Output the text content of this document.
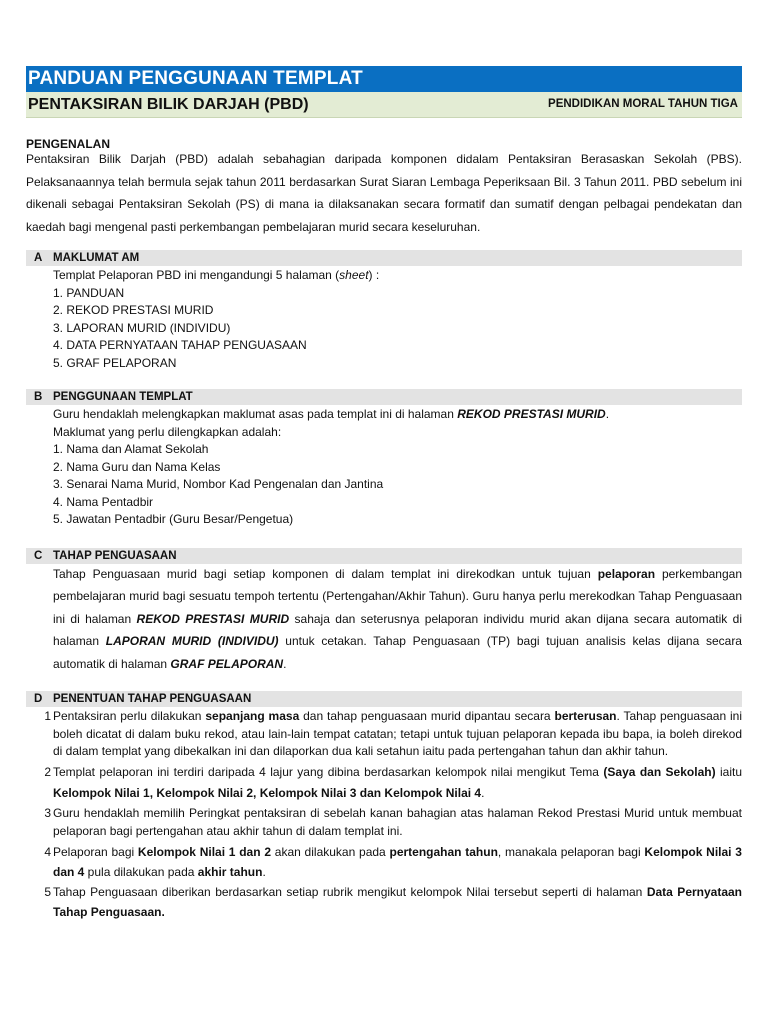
PANDUAN PENGGUNAAN TEMPLAT
PENTAKSIRAN BILIK DARJAH (PBD)	PENDIDIKAN MORAL TAHUN TIGA
PENGENALAN
Pentaksiran Bilik Darjah (PBD) adalah sebahagian daripada komponen didalam Pentaksiran Berasaskan Sekolah (PBS). Pelaksanaannya telah bermula sejak tahun 2011 berdasarkan Surat Siaran Lembaga Peperiksaan Bil. 3 Tahun 2011. PBD sebelum ini dikenali sebagai Pentaksiran Sekolah (PS) di mana ia dilaksanakan secara formatif dan sumatif dengan pelbagai pendekatan dan kaedah bagi mengenal pasti perkembangan pembelajaran murid secara keseluruhan.
A MAKLUMAT AM
Templat Pelaporan PBD ini mengandungi 5 halaman (sheet) :
1. PANDUAN
2. REKOD PRESTASI MURID
3. LAPORAN MURID (INDIVIDU)
4. DATA PERNYATAAN TAHAP PENGUASAAN
5. GRAF PELAPORAN
B PENGGUNAAN TEMPLAT
Guru hendaklah melengkapkan maklumat asas pada templat ini di halaman REKOD PRESTASI MURID.
Maklumat yang perlu dilengkapkan adalah:
1. Nama dan Alamat Sekolah
2. Nama Guru dan Nama Kelas
3. Senarai Nama Murid, Nombor Kad Pengenalan dan Jantina
4. Nama Pentadbir
5. Jawatan Pentadbir (Guru Besar/Pengetua)
C TAHAP PENGUASAAN
Tahap Penguasaan murid bagi setiap komponen di dalam templat ini direkodkan untuk tujuan pelaporan perkembangan pembelajaran murid bagi sesuatu tempoh tertentu (Pertengahan/Akhir Tahun). Guru hanya perlu merekodkan Tahap Penguasaan ini di halaman REKOD PRESTASI MURID sahaja dan seterusnya pelaporan individu murid akan dijana secara automatik di halaman LAPORAN MURID (INDIVIDU) untuk cetakan. Tahap Penguasaan (TP) bagi tujuan analisis kelas dijana secara automatik di halaman GRAF PELAPORAN.
D PENENTUAN TAHAP PENGUASAAN
1 Pentaksiran perlu dilakukan sepanjang masa dan tahap penguasaan murid dipantau secara berterusan. Tahap penguasaan ini boleh dicatat di dalam buku rekod, atau lain-lain tempat catatan; tetapi untuk tujuan pelaporan kepada ibu bapa, ia boleh direkod di dalam templat yang dibekalkan ini dan dilaporkan dua kali setahun iaitu pada pertengahan tahun dan akhir tahun.
2 Templat pelaporan ini terdiri daripada 4 lajur yang dibina berdasarkan kelompok nilai mengikut Tema (Saya dan Sekolah) iaitu Kelompok Nilai 1, Kelompok Nilai 2, Kelompok Nilai 3 dan Kelompok Nilai 4.
3 Guru hendaklah memilih Peringkat pentaksiran di sebelah kanan bahagian atas halaman Rekod Prestasi Murid untuk membuat pelaporan bagi pertengahan atau akhir tahun di dalam templat ini.
4 Pelaporan bagi Kelompok Nilai 1 dan 2 akan dilakukan pada pertengahan tahun, manakala pelaporan bagi Kelompok Nilai 3 dan 4 pula dilakukan pada akhir tahun.
5 Tahap Penguasaan diberikan berdasarkan setiap rubrik mengikut kelompok Nilai tersebut seperti di halaman Data Pernyataan Tahap Penguasaan.
